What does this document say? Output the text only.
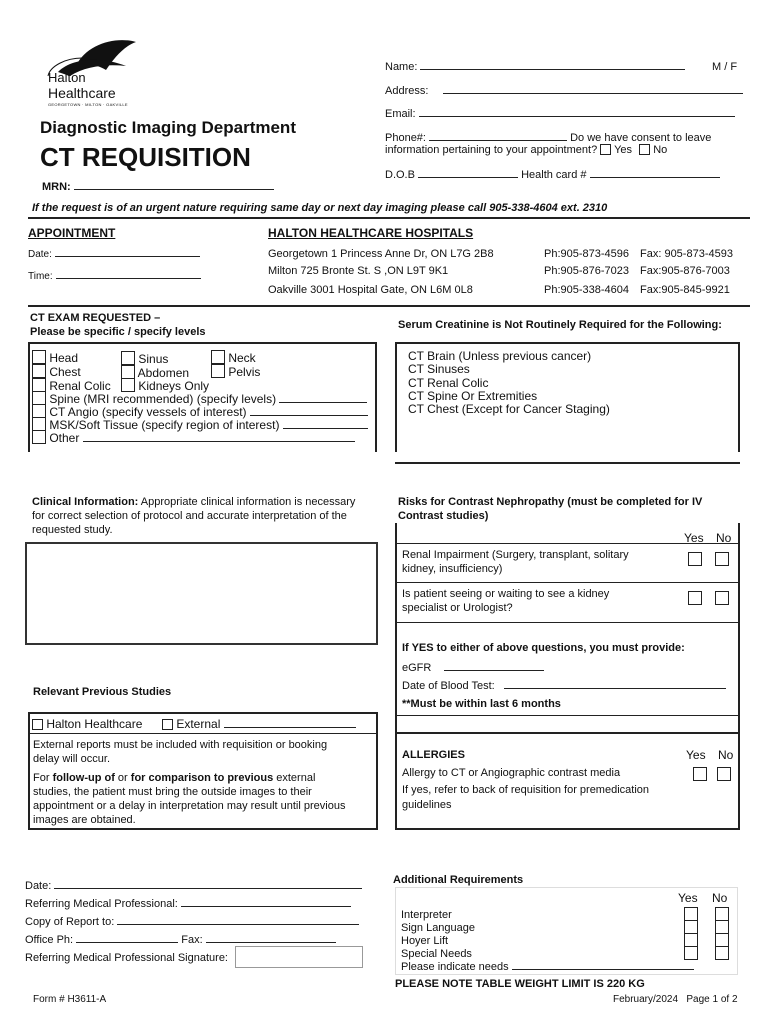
Halton
Healthcare
GEORGETOWN · MILTON · OAKVILLE
Diagnostic Imaging Department
CT REQUISITION
MRN:
Name:	M / F
Address:
Email:
Phone#:	Do we have consent to leave
information pertaining to your appointment? Yes No
D.O.B	Health card #
If the request is of an urgent nature requiring same day or next day imaging please call 905-338-4604 ext. 2310
APPOINTMENT
Date:
Time:
HALTON HEALTHCARE HOSPITALS
Georgetown 1 Princess Anne Dr, ON L7G 2B8	Ph:905-873-4596 Fax: 905-873-4593
Milton 725 Bronte St. S ,ON L9T 9K1	Ph:905-876-7023 Fax:905-876-7003
Oakville 3001 Hospital Gate, ON L6M 0L8	Ph:905-338-4604 Fax:905-845-9921
CT EXAM REQUESTED –
Please be specific / specify levels
Head	Sinus	Neck
Chest	Abdomen	Pelvis
Renal Colic	Kidneys Only
Spine (MRI recommended) (specify levels)
CT Angio (specify vessels of interest)
MSK/Soft Tissue (specify region of interest)
Other
Serum Creatinine is Not Routinely Required for the Following:
CT Brain (Unless previous cancer)
CT Sinuses
CT Renal Colic
CT Spine Or Extremities
CT Chest (Except for Cancer Staging)
Clinical Information: Appropriate clinical information is necessary
for correct selection of protocol and accurate interpretation of the
requested study.
Risks for Contrast Nephropathy (must be completed for IV
Contrast studies)
Yes No
Renal Impairment (Surgery, transplant, solitary
kidney, insufficiency)
Is patient seeing or waiting to see a kidney
specialist or Urologist?
If YES to either of above questions, you must provide:
eGFR
Date of Blood Test:
**Must be within last 6 months
ALLERGIES	Yes No
Allergy to CT or Angiographic contrast media
If yes, refer to back of requisition for premedication
guidelines
Relevant Previous Studies
Halton Healthcare	External
External reports must be included with requisition or booking
delay will occur.
For follow-up of or for comparison to previous external
studies, the patient must bring the outside images to their
appointment or a delay in interpretation may result until previous
images are obtained.
Date:
Referring Medical Professional:
Copy of Report to:
Office Ph:	Fax:
Referring Medical Professional Signature:
Additional Requirements
Yes No
Interpreter
Sign Language
Hoyer Lift
Special Needs
Please indicate needs
PLEASE NOTE TABLE WEIGHT LIMIT IS 220 KG
Form # H3611-A	February/2024   Page 1 of 2
